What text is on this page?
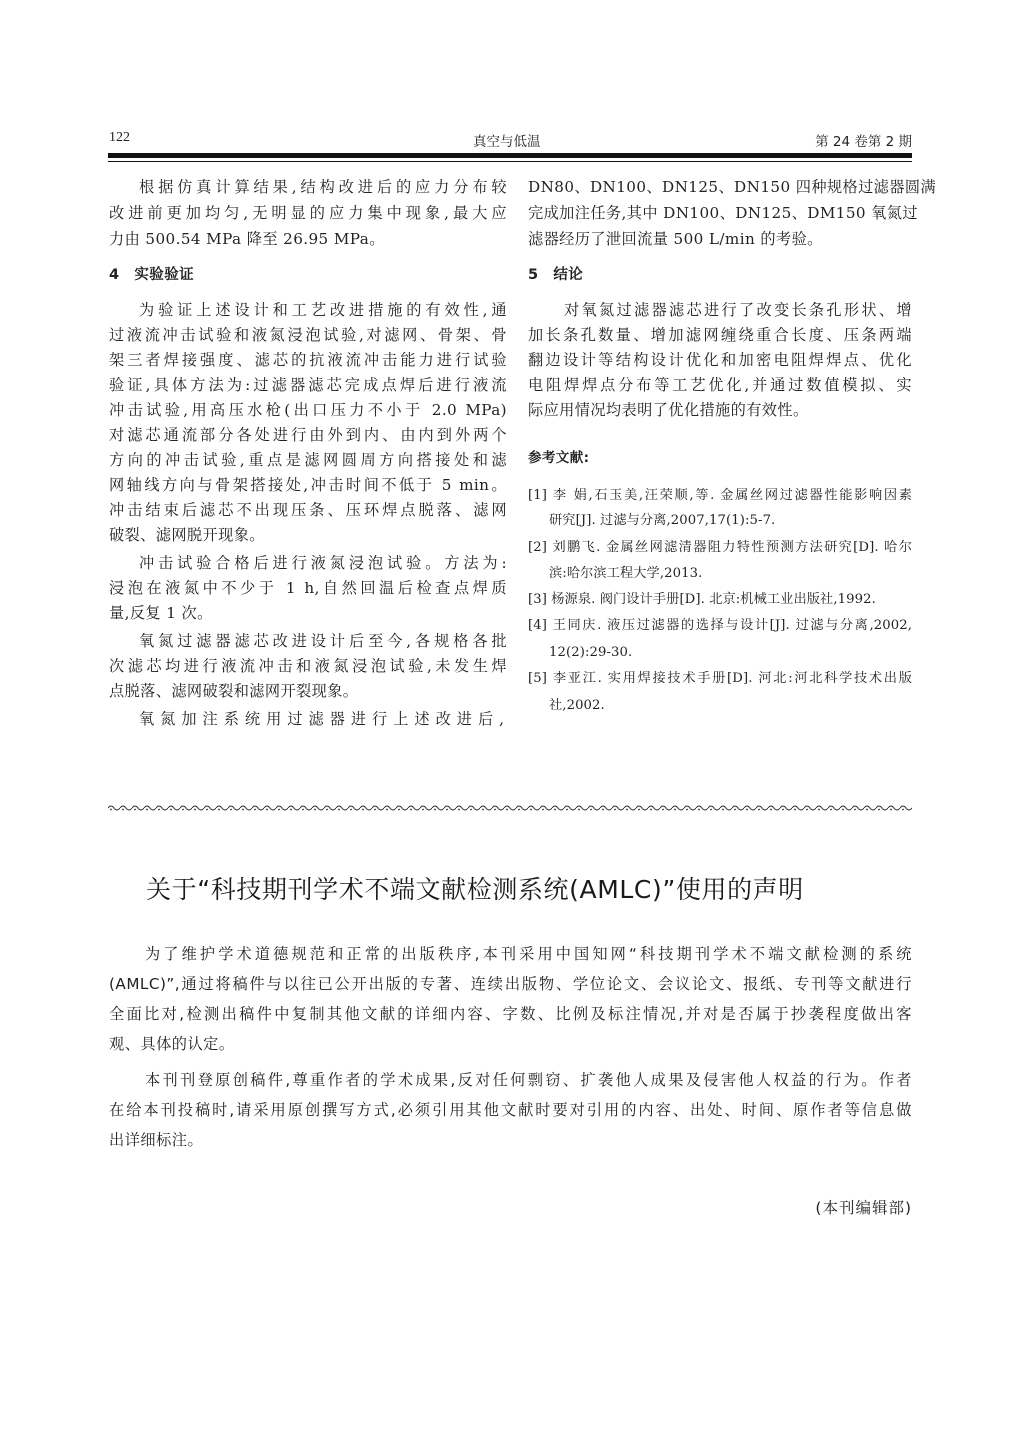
122	真空与低温	第 24 卷第 2 期
根据仿真计算结果,结构改进后的应力分布较
改进前更加均匀,无明显的应力集中现象,最大应
力由 500.54 MPa 降至 26.95 MPa。
4　实验验证
为验证上述设计和工艺改进措施的有效性,通
过液流冲击试验和液氮浸泡试验,对滤网、骨架、骨
架三者焊接强度、滤芯的抗液流冲击能力进行试验
验证,具体方法为:过滤器滤芯完成点焊后进行液流
冲击试验,用高压水枪(出口压力不小于 2.0 MPa)
对滤芯通流部分各处进行由外到内、由内到外两个
方向的冲击试验,重点是滤网圆周方向搭接处和滤
网轴线方向与骨架搭接处,冲击时间不低于 5 min。
冲击结束后滤芯不出现压条、压环焊点脱落、滤网
破裂、滤网脱开现象。
冲击试验合格后进行液氮浸泡试验。方法为:
浸泡在液氮中不少于 1 h,自然回温后检查点焊质
量,反复 1 次。
氧氮过滤器滤芯改进设计后至今,各规格各批
次滤芯均进行液流冲击和液氮浸泡试验,未发生焊
点脱落、滤网破裂和滤网开裂现象。
氧氮加注系统用过滤器进行上述改进后,
DN80、DN100、DN125、DN150 四种规格过滤器圆满
完成加注任务,其中 DN100、DN125、DM150 氧氮过
滤器经历了泄回流量 500 L/min 的考验。
5　结论
对氧氮过滤器滤芯进行了改变长条孔形状、增
加长条孔数量、增加滤网缠绕重合长度、压条两端
翻边设计等结构设计优化和加密电阻焊焊点、优化
电阻焊焊点分布等工艺优化,并通过数值模拟、实
际应用情况均表明了优化措施的有效性。
参考文献:
[1] 李 娟,石玉美,汪荣顺,等. 金属丝网过滤器性能影响因素
研究[J]. 过滤与分离,2007,17(1):5-7.
[2] 刘鹏飞. 金属丝网滤清器阻力特性预测方法研究[D]. 哈尔
滨:哈尔滨工程大学,2013.
[3] 杨源泉. 阀门设计手册[D]. 北京:机械工业出版社,1992.
[4] 王同庆. 液压过滤器的选择与设计[J]. 过滤与分离,2002,
12(2):29-30.
[5] 李亚江. 实用焊接技术手册[D]. 河北:河北科学技术出版
社,2002.
关于“科技期刊学术不端文献检测系统(AMLC)”使用的声明
为了维护学术道德规范和正常的出版秩序,本刊采用中国知网“科技期刊学术不端文献检测的系统
(AMLC)”,通过将稿件与以往已公开出版的专著、连续出版物、学位论文、会议论文、报纸、专刊等文献进行
全面比对,检测出稿件中复制其他文献的详细内容、字数、比例及标注情况,并对是否属于抄袭程度做出客
观、具体的认定。
本刊刊登原创稿件,尊重作者的学术成果,反对任何剽窃、扩袭他人成果及侵害他人权益的行为。作者
在给本刊投稿时,请采用原创撰写方式,必须引用其他文献时要对引用的内容、出处、时间、原作者等信息做
出详细标注。
(本刊编辑部)
